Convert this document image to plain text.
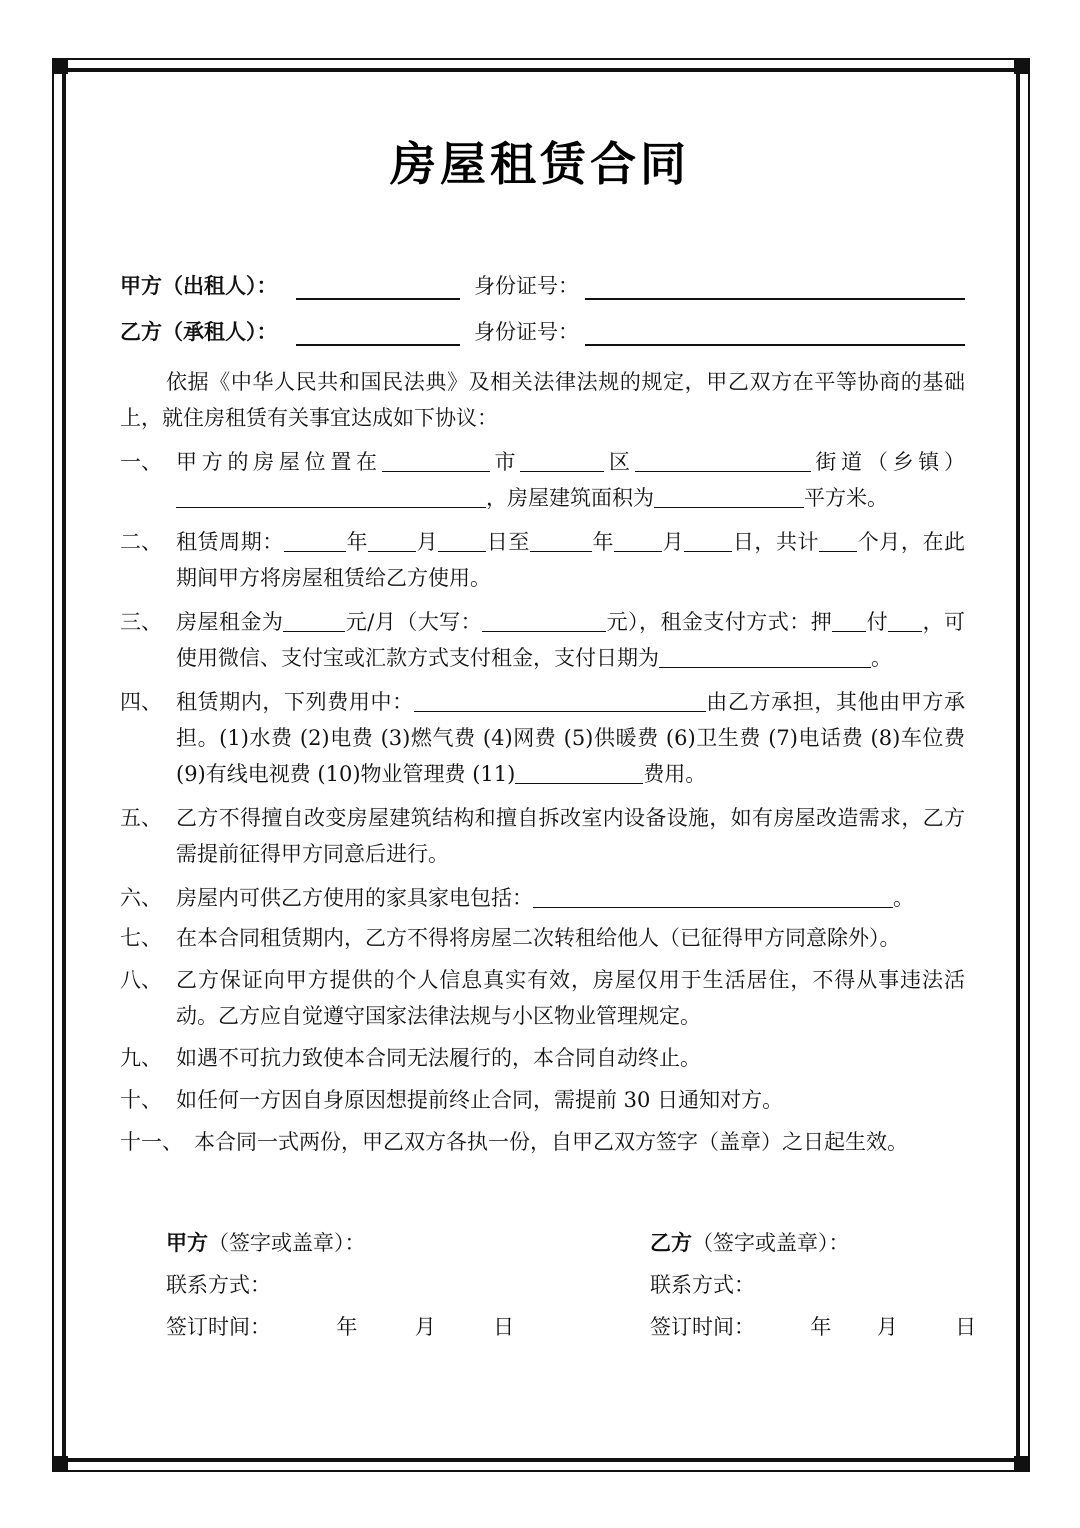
房屋租赁合同
甲方（出租人）：	身份证号：
乙方（承租人）：	身份证号：
依据《中华人民共和国民法典》及相关法律法规的规定，甲乙双方在平等协商的基础上，就住房租赁有关事宜达成如下协议：
一、 甲方的房屋位置在	市	区	街道（乡镇），房屋建筑面积为	平方米。
二、 租赁周期：	年 月 日至	年 月 日，共计 个月，在此期间甲方将房屋租赁给乙方使用。
三、 房屋租金为	元/月（大写：	元），租金支付方式：押 付 ，可使用微信、支付宝或汇款方式支付租金，支付日期为	。
四、 租赁期内，下列费用中：	由乙方承担，其他由甲方承担。(1)水费 (2)电费 (3)燃气费 (4)网费 (5)供暖费 (6)卫生费 (7)电话费 (8)车位费 (9)有线电视费 (10)物业管理费 (11)	费用。
五、 乙方不得擅自改变房屋建筑结构和擅自拆改室内设备设施，如有房屋改造需求，乙方需提前征得甲方同意后进行。
六、 房屋内可供乙方使用的家具家电包括：	。
七、 在本合同租赁期内，乙方不得将房屋二次转租给他人（已征得甲方同意除外）。
八、 乙方保证向甲方提供的个人信息真实有效，房屋仅用于生活居住，不得从事违法活动。乙方应自觉遵守国家法律法规与小区物业管理规定。
九、 如遇不可抗力致使本合同无法履行的，本合同自动终止。
十、 如任何一方因自身原因想提前终止合同，需提前 30 日通知对方。
十一、 本合同一式两份，甲乙双方各执一份，自甲乙双方签字（盖章）之日起生效。
甲方（签字或盖章）：
联系方式：
签订时间：	年	月	日
乙方（签字或盖章）：
联系方式：
签订时间：	年 月	日
